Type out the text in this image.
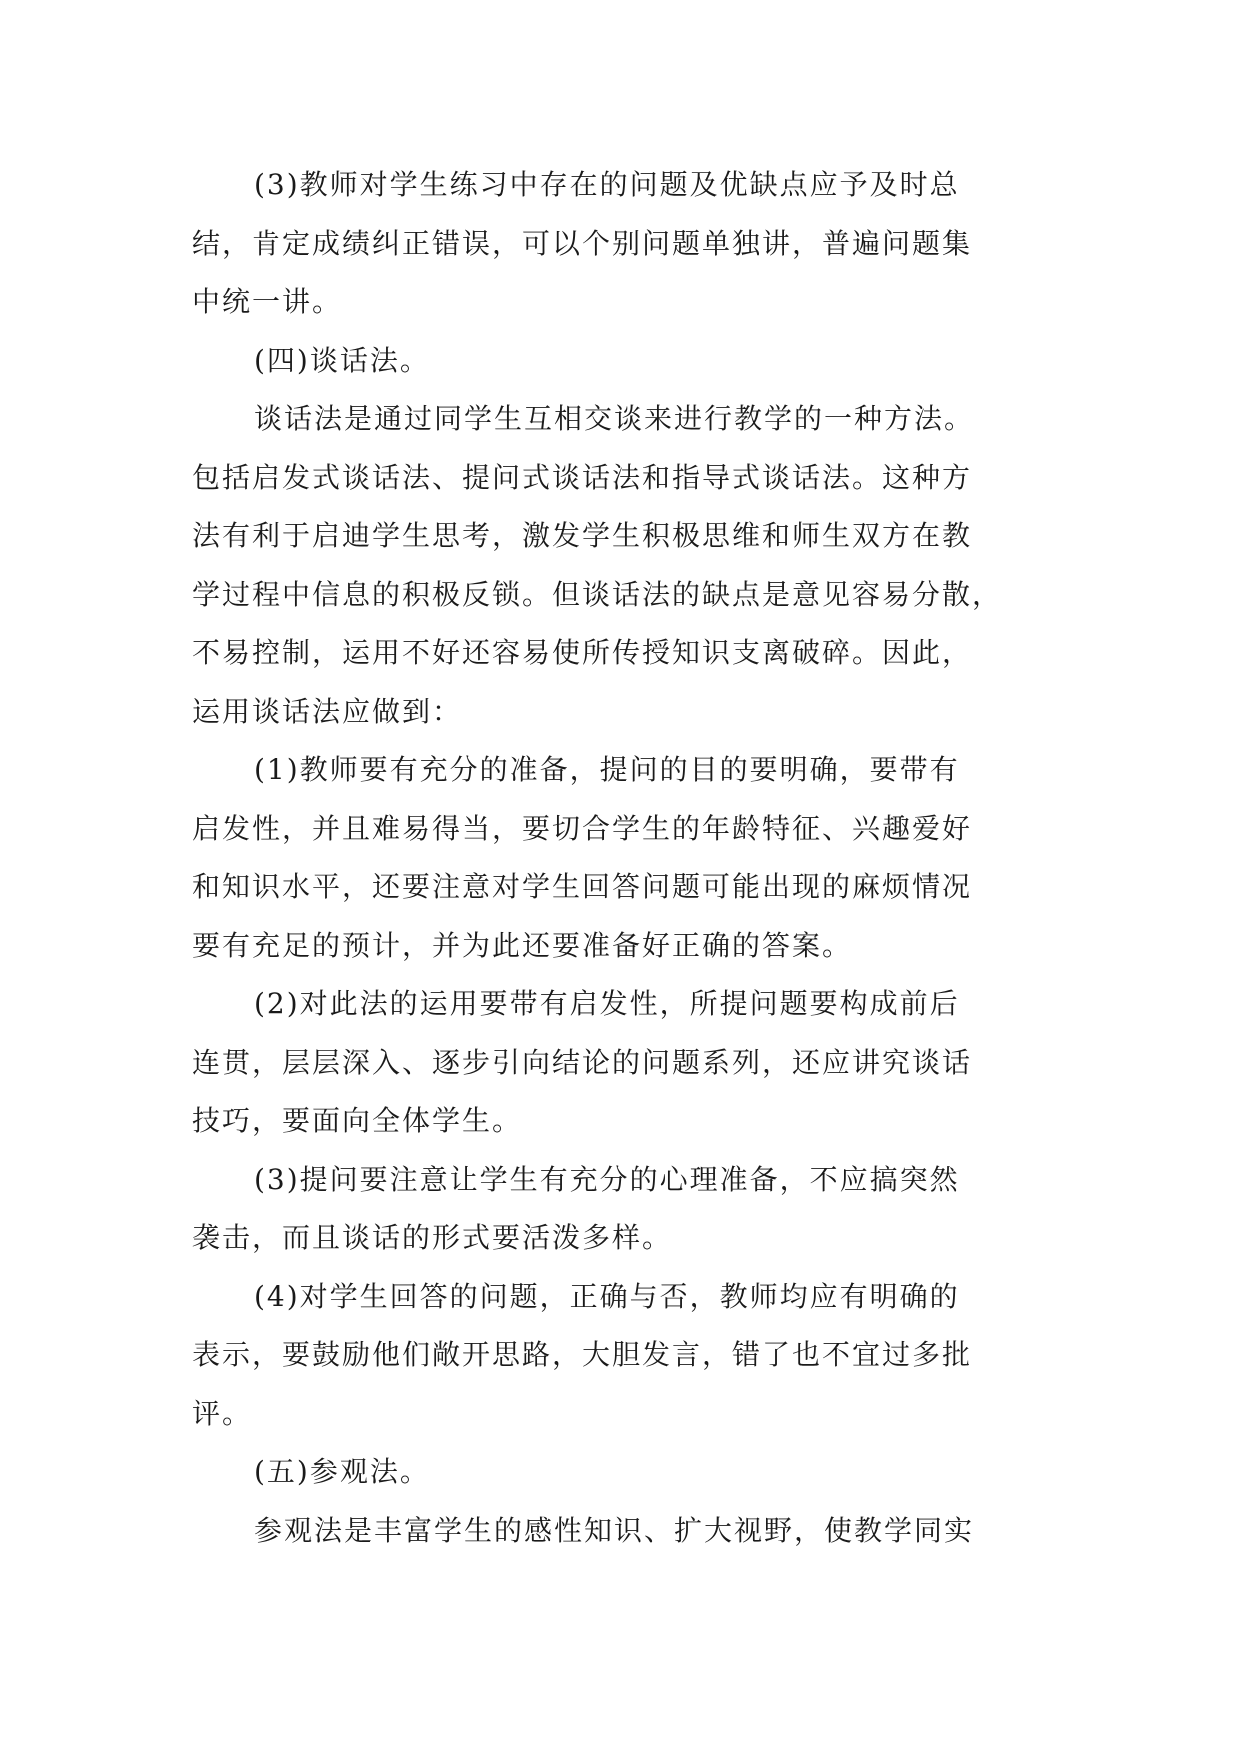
(3)教师对学生练习中存在的问题及优缺点应予及时总
结，肯定成绩纠正错误，可以个别问题单独讲，普遍问题集
中统一讲。
(四)谈话法。
谈话法是通过同学生互相交谈来进行教学的一种方法。
包括启发式谈话法、提问式谈话法和指导式谈话法。这种方
法有利于启迪学生思考，激发学生积极思维和师生双方在教
学过程中信息的积极反锁。但谈话法的缺点是意见容易分散，
不易控制，运用不好还容易使所传授知识支离破碎。因此，
运用谈话法应做到：
(1)教师要有充分的准备，提问的目的要明确，要带有
启发性，并且难易得当，要切合学生的年龄特征、兴趣爱好
和知识水平，还要注意对学生回答问题可能出现的麻烦情况
要有充足的预计，并为此还要准备好正确的答案。
(2)对此法的运用要带有启发性，所提问题要构成前后
连贯，层层深入、逐步引向结论的问题系列，还应讲究谈话
技巧，要面向全体学生。
(3)提问要注意让学生有充分的心理准备，不应搞突然
袭击，而且谈话的形式要活泼多样。
(4)对学生回答的问题，正确与否，教师均应有明确的
表示，要鼓励他们敞开思路，大胆发言，错了也不宜过多批
评。
(五)参观法。
参观法是丰富学生的感性知识、扩大视野，使教学同实
